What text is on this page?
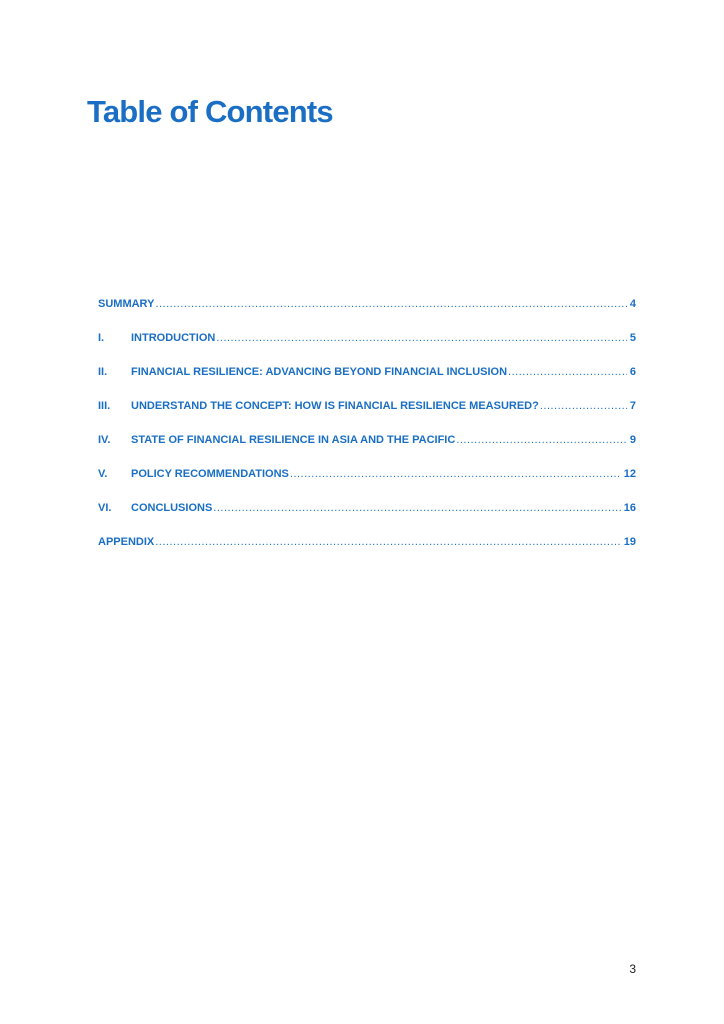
Table of Contents
SUMMARY .....	4
I.	INTRODUCTION .....	5
II.	FINANCIAL RESILIENCE: ADVANCING BEYOND FINANCIAL INCLUSION .....	6
III.	UNDERSTAND THE CONCEPT: HOW IS FINANCIAL RESILIENCE MEASURED? .....	7
IV.	STATE OF FINANCIAL RESILIENCE IN ASIA AND THE PACIFIC .....	9
V.	POLICY RECOMMENDATIONS .....	12
VI.	CONCLUSIONS .....	16
APPENDIX .....	19
3
